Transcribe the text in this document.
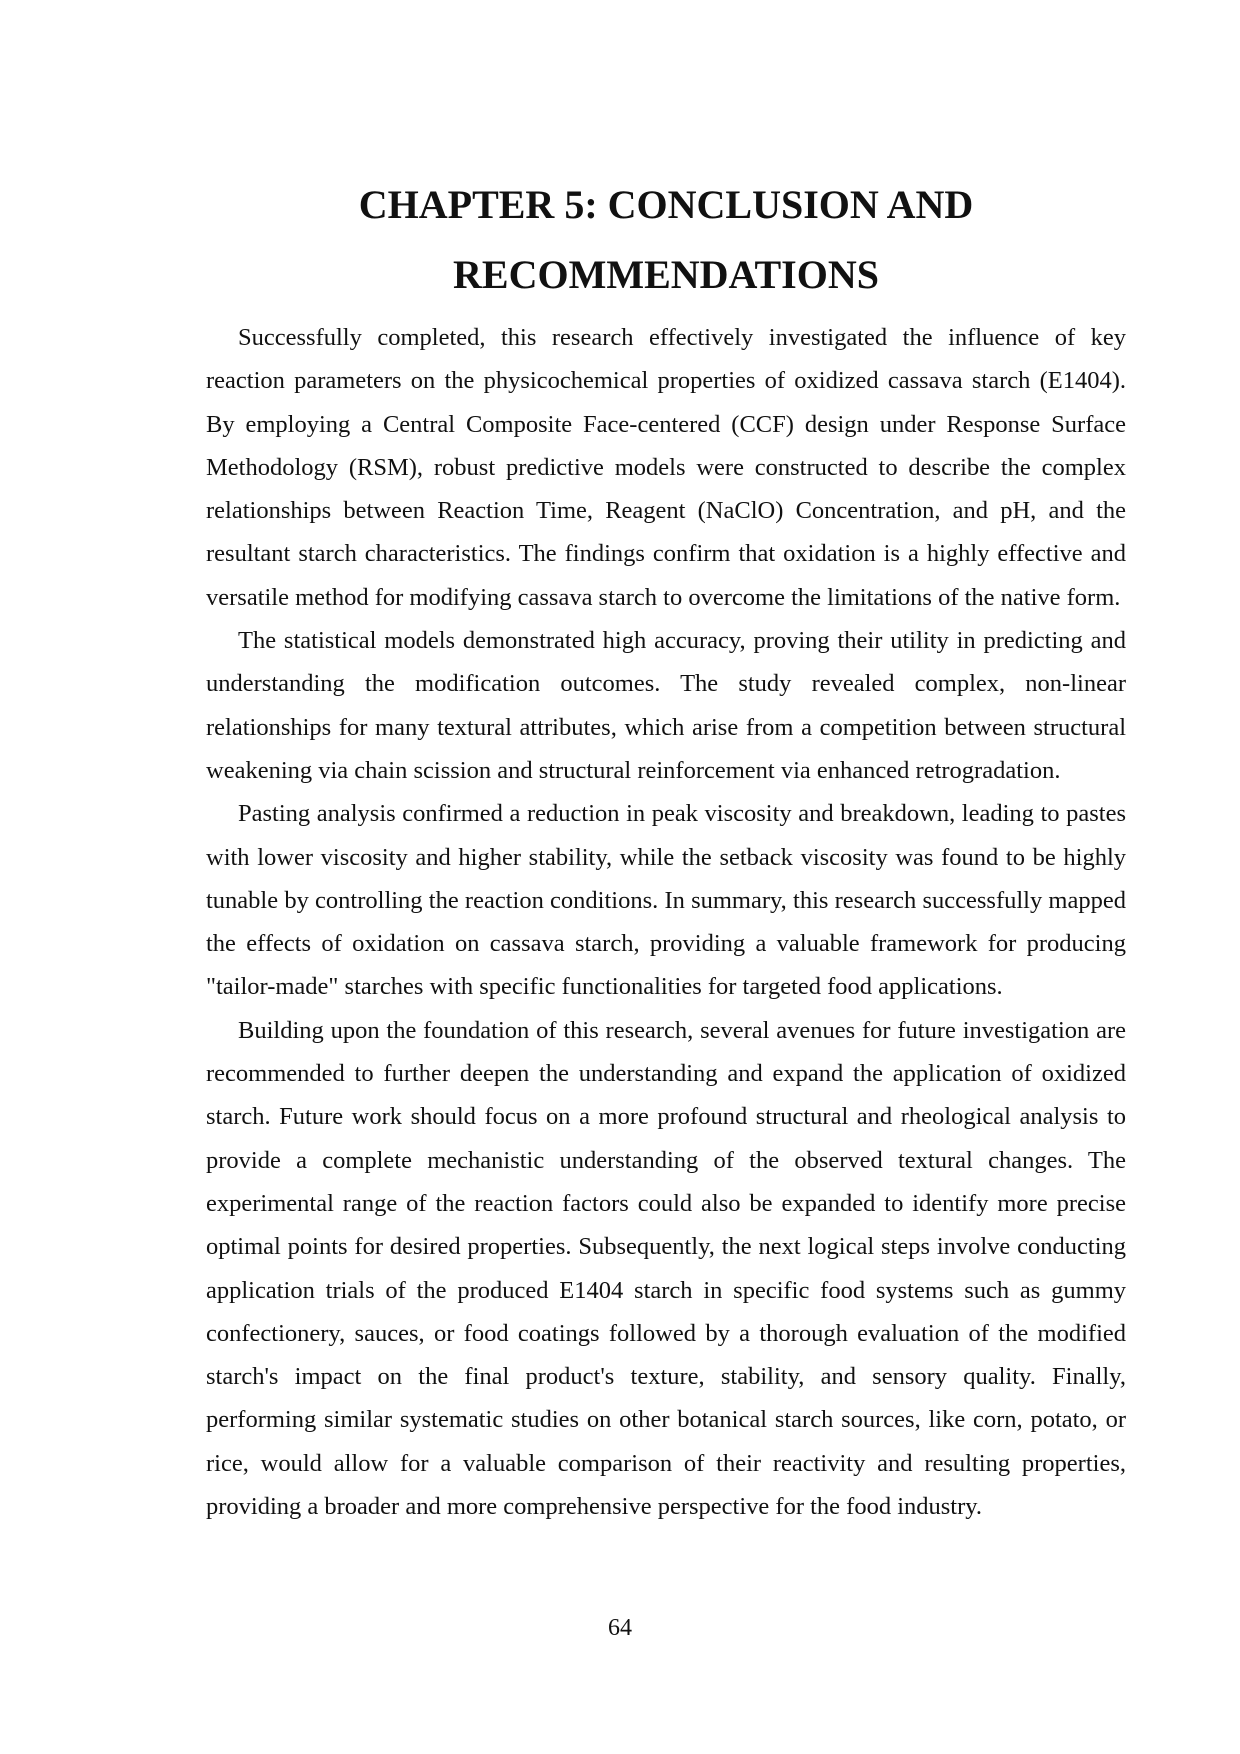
CHAPTER 5: CONCLUSION AND
RECOMMENDATIONS

Successfully completed, this research effectively investigated the influence of key reaction parameters on the physicochemical properties of oxidized cassava starch (E1404). By employing a Central Composite Face-centered (CCF) design under Response Surface Methodology (RSM), robust predictive models were constructed to describe the complex relationships between Reaction Time, Reagent (NaClO) Concentration, and pH, and the resultant starch characteristics. The findings confirm that oxidation is a highly effective and versatile method for modifying cassava starch to overcome the limitations of the native form.

The statistical models demonstrated high accuracy, proving their utility in predicting and understanding the modification outcomes. The study revealed complex, non-linear relationships for many textural attributes, which arise from a competition between structural weakening via chain scission and structural reinforcement via enhanced retrogradation.

Pasting analysis confirmed a reduction in peak viscosity and breakdown, leading to pastes with lower viscosity and higher stability, while the setback viscosity was found to be highly tunable by controlling the reaction conditions. In summary, this research successfully mapped the effects of oxidation on cassava starch, providing a valuable framework for producing "tailor-made" starches with specific functionalities for targeted food applications.

Building upon the foundation of this research, several avenues for future investigation are recommended to further deepen the understanding and expand the application of oxidized starch. Future work should focus on a more profound structural and rheological analysis to provide a complete mechanistic understanding of the observed textural changes. The experimental range of the reaction factors could also be expanded to identify more precise optimal points for desired properties. Subsequently, the next logical steps involve conducting application trials of the produced E1404 starch in specific food systems such as gummy confectionery, sauces, or food coatings followed by a thorough evaluation of the modified starch's impact on the final product's texture, stability, and sensory quality. Finally, performing similar systematic studies on other botanical starch sources, like corn, potato, or rice, would allow for a valuable comparison of their reactivity and resulting properties, providing a broader and more comprehensive perspective for the food industry.

64
